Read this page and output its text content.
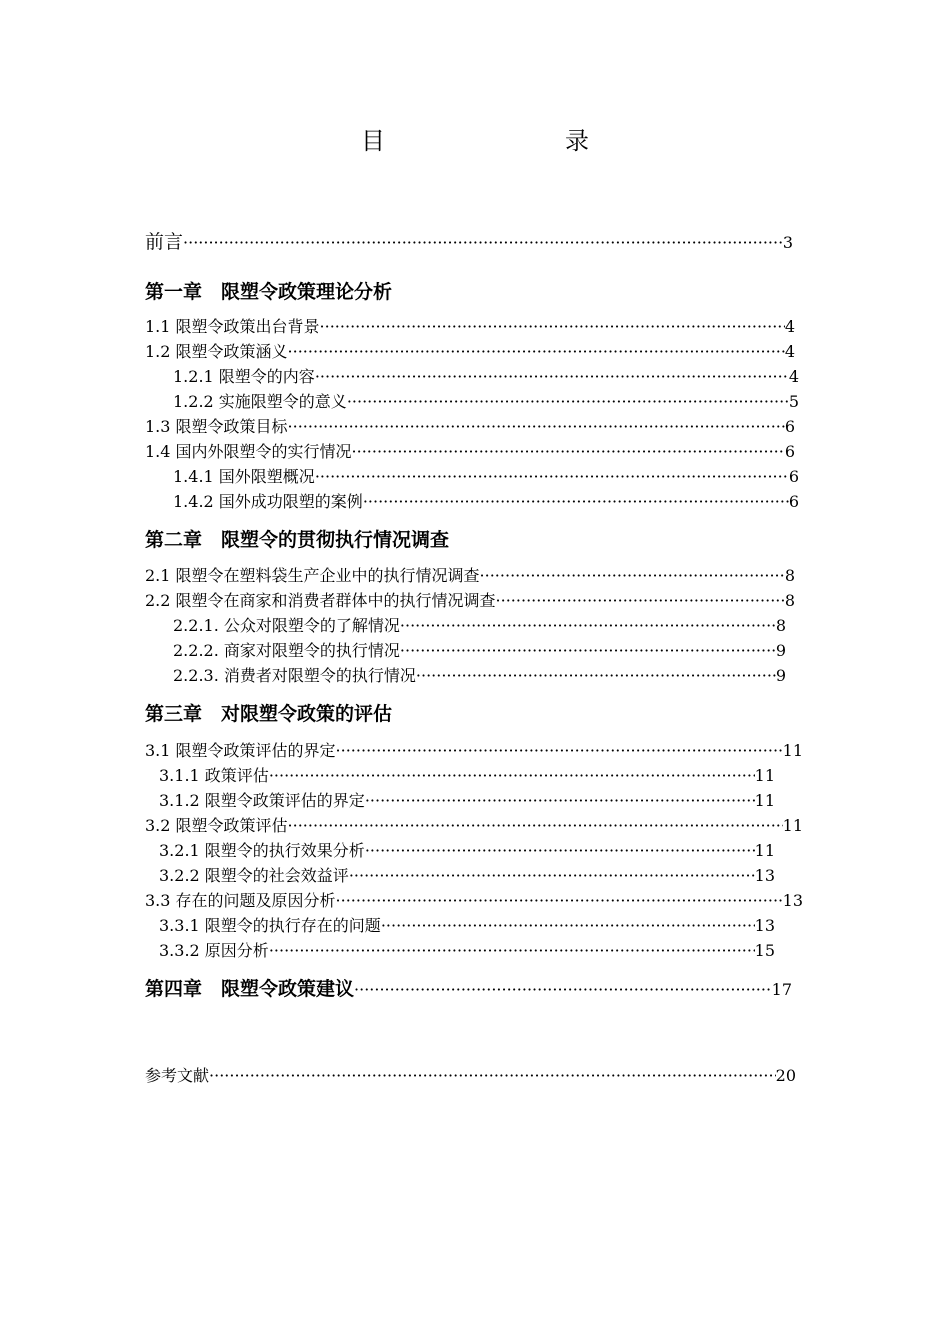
目　　录
前言 ·····	3
第一章　限塑令政策理论分析
1.1 限塑令政策出台背景 ·····	4
1.2 限塑令政策涵义 ·····	4
1.2.1 限塑令的内容 ·····	4
1.2.2 实施限塑令的意义 ·····	5
1.3 限塑令政策目标 ·····	6
1.4 国内外限塑令的实行情况 ·····	6
1.4.1 国外限塑概况 ·····	6
1.4.2 国外成功限塑的案例 ·····	6
第二章　限塑令的贯彻执行情况调查
2.1 限塑令在塑料袋生产企业中的执行情况调查 ·····	8
2.2 限塑令在商家和消费者群体中的执行情况调查 ·····	8
2.2.1. 公众对限塑令的了解情况 ·····	8
2.2.2. 商家对限塑令的执行情况 ·····	9
2.2.3. 消费者对限塑令的执行情况 ·····	9
第三章　对限塑令政策的评估
3.1 限塑令政策评估的界定 ·····	11
3.1.1 政策评估 ·····	11
3.1.2 限塑令政策评估的界定 ·····	11
3.2 限塑令政策评估 ·····	11
3.2.1 限塑令的执行效果分析 ·····	11
3.2.2 限塑令的社会效益评 ·····	13
3.3 存在的问题及原因分析 ·····	13
3.3.1 限塑令的执行存在的问题 ·····	13
3.3.2 原因分析 ·····	15
第四章　限塑令政策建议 ·····	17
参考文献 ·····	20
